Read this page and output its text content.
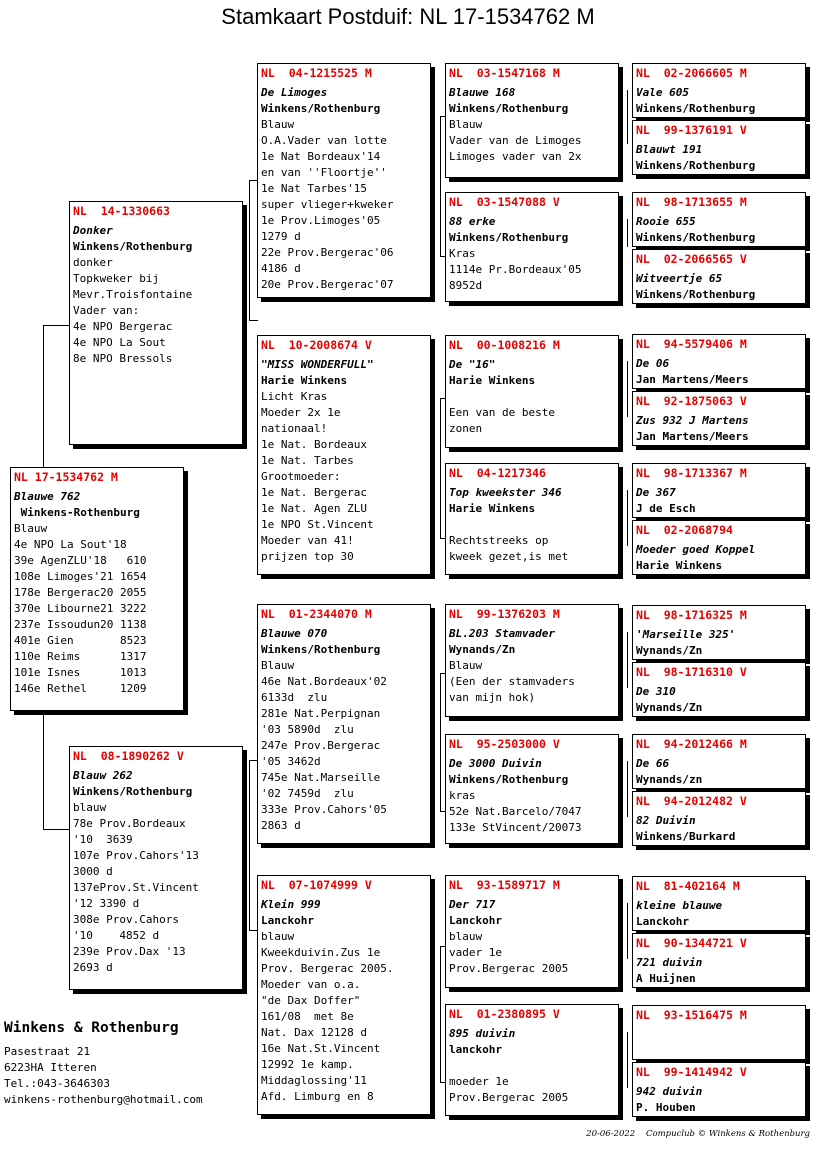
Stamkaart Postduif: NL 17-1534762 M
NL 17-1534762 M
Blauwe 762
Winkens-Rothenburg
Blauw
4e NPO La Sout'18
39e AgenZLU'18   610
108e Limoges'21 1654
178e Bergerac20 2055
370e Libourne21 3222
237e Issoudun20 1138
401e Gien       8523
110e Reims      1317
101e Isnes      1013
146e Rethel     1209
NL  14-1330663
Donker
Winkens/Rothenburg
donker
Topkweker bij
Mevr.Troisfontaine
Vader van:
4e NPO Bergerac
4e NPO La Sout
8e NPO Bressols
NL  08-1890262 V
Blauw 262
Winkens/Rothenburg
blauw
78e Prov.Bordeaux
'10  3639
107e Prov.Cahors'13
3000 d
137eProv.St.Vincent
'12 3390 d
308e Prov.Cahors
'10    4852 d
239e Prov.Dax '13
2693 d
NL  04-1215525 M
De Limoges
Winkens/Rothenburg
Blauw
O.A.Vader van lotte
1e Nat Bordeaux'14
en van ''Floortje''
1e Nat Tarbes'15
super vlieger+kweker
1e Prov.Limoges'05
1279 d
22e Prov.Bergerac'06
4186 d
20e Prov.Bergerac'07
NL  10-2008674 V
"MISS WONDERFULL"
Harie Winkens
Licht Kras
Moeder 2x 1e
nationaal!
1e Nat. Bordeaux
1e Nat. Tarbes
Grootmoeder:
1e Nat. Bergerac
1e Nat. Agen ZLU
1e NPO St.Vincent
Moeder van 41!
prijzen top 30
NL  01-2344070 M
Blauwe 070
Winkens/Rothenburg
Blauw
46e Nat.Bordeaux'02
6133d  zlu
281e Nat.Perpignan
'03 5890d  zlu
247e Prov.Bergerac
'05 3462d
745e Nat.Marseille
'02 7459d  zlu
333e Prov.Cahors'05
2863 d
NL  07-1074999 V
Klein 999
Lanckohr
blauw
Kweekduivin.Zus 1e
Prov. Bergerac 2005.
Moeder van o.a.
"de Dax Doffer"
161/08  met 8e
Nat. Dax 12128 d
16e Nat.St.Vincent
12992 1e kamp.
Middaglossing'11
Afd. Limburg en 8
NL  03-1547168 M
Blauwe 168
Winkens/Rothenburg
Blauw
Vader van de Limoges
Limoges vader van 2x
NL  03-1547088 V
88 erke
Winkens/Rothenburg
Kras
1114e Pr.Bordeaux'05
8952d
NL  00-1008216 M
De "16"
Harie Winkens

Een van de beste
zonen
NL  04-1217346
Top kweekster 346
Harie Winkens

Rechtstreeks op
kweek gezet,is met
NL  99-1376203 M
BL.203 Stamvader
Wynands/Zn
Blauw
(Een der stamvaders
van mijn hok)
NL  95-2503000 V
De 3000 Duivin
Winkens/Rothenburg
kras
52e Nat.Barcelo/7047
133e StVincent/20073
NL  93-1589717 M
Der 717
Lanckohr
blauw
vader 1e
Prov.Bergerac 2005
NL  01-2380895 V
895 duivin
lanckohr

moeder 1e
Prov.Bergerac 2005
NL  02-2066605 M
Vale 605
Winkens/Rothenburg
NL  99-1376191 V
Blauwt 191
Winkens/Rothenburg
NL  98-1713655 M
Rooie 655
Winkens/Rothenburg
NL  02-2066565 V
Witveertje 65
Winkens/Rothenburg
NL  94-5579406 M
De 06
Jan Martens/Meers
NL  92-1875063 V
Zus 932 J Martens
Jan Martens/Meers
NL  98-1713367 M
De 367
J de Esch
NL  02-2068794
Moeder goed Koppel
Harie Winkens
NL  98-1716325 M
'Marseille 325'
Wynands/Zn
NL  98-1716310 V
De 310
Wynands/Zn
NL  94-2012466 M
De 66
Wynands/zn
NL  94-2012482 V
82 Duivin
Winkens/Burkard
NL  81-402164 M
kleine blauwe
Lanckohr
NL  90-1344721 V
721 duivin
A Huijnen
NL  93-1516475 M

NL  99-1414942 V
942 duivin
P. Houben
Winkens & Rothenburg
Pasestraat 21
6223HA Itteren
Tel.:043-3646303
winkens-rothenburg@hotmail.com
20-06-2022 Compuclub © Winkens & Rothenburg
